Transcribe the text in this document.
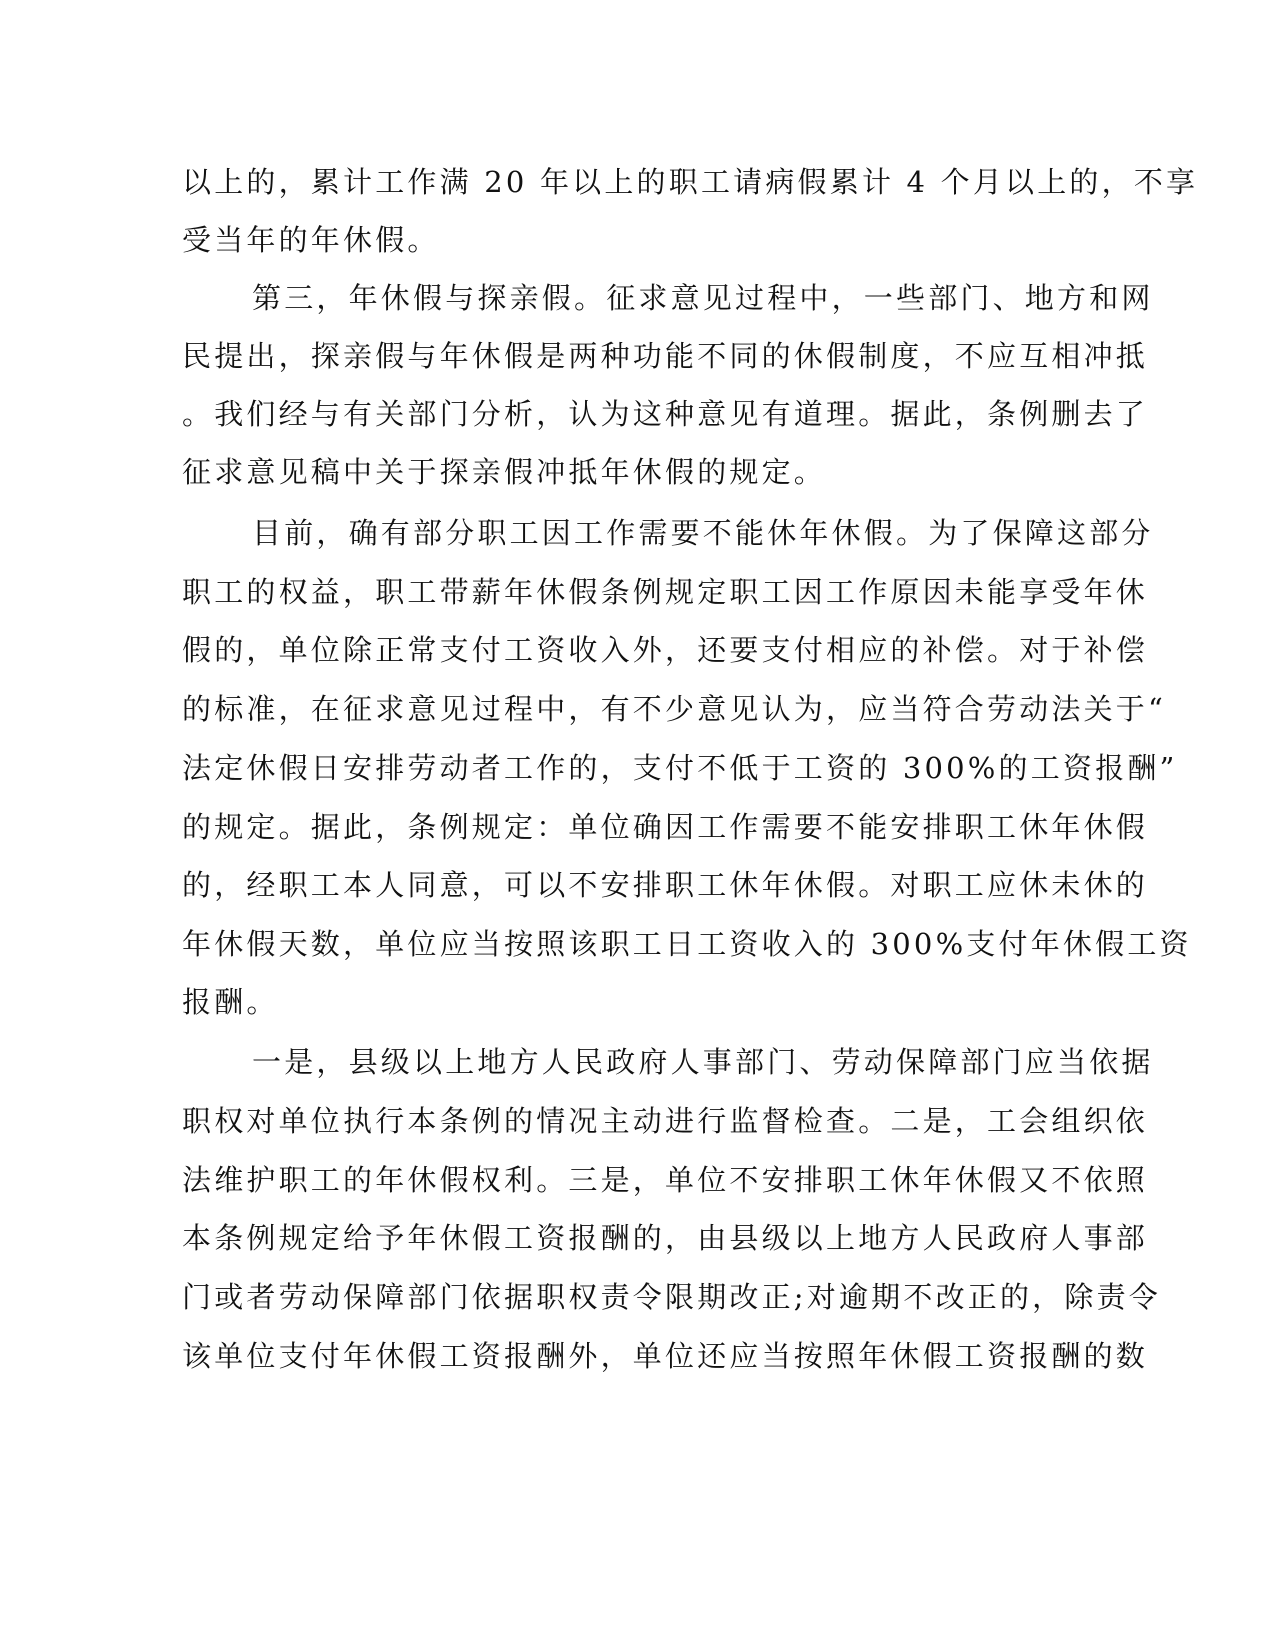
以上的，累计工作满 20 年以上的职工请病假累计 4 个月以上的，不享
受当年的年休假。
第三，年休假与探亲假。征求意见过程中，一些部门、地方和网
民提出，探亲假与年休假是两种功能不同的休假制度，不应互相冲抵
。我们经与有关部门分析，认为这种意见有道理。据此，条例删去了
征求意见稿中关于探亲假冲抵年休假的规定。
目前，确有部分职工因工作需要不能休年休假。为了保障这部分
职工的权益，职工带薪年休假条例规定职工因工作原因未能享受年休
假的，单位除正常支付工资收入外，还要支付相应的补偿。对于补偿
的标准，在征求意见过程中，有不少意见认为，应当符合劳动法关于“
法定休假日安排劳动者工作的，支付不低于工资的 300%的工资报酬”
的规定。据此，条例规定：单位确因工作需要不能安排职工休年休假
的，经职工本人同意，可以不安排职工休年休假。对职工应休未休的
年休假天数，单位应当按照该职工日工资收入的 300%支付年休假工资
报酬。
一是，县级以上地方人民政府人事部门、劳动保障部门应当依据
职权对单位执行本条例的情况主动进行监督检查。二是，工会组织依
法维护职工的年休假权利。三是，单位不安排职工休年休假又不依照
本条例规定给予年休假工资报酬的，由县级以上地方人民政府人事部
门或者劳动保障部门依据职权责令限期改正;对逾期不改正的，除责令
该单位支付年休假工资报酬外，单位还应当按照年休假工资报酬的数
